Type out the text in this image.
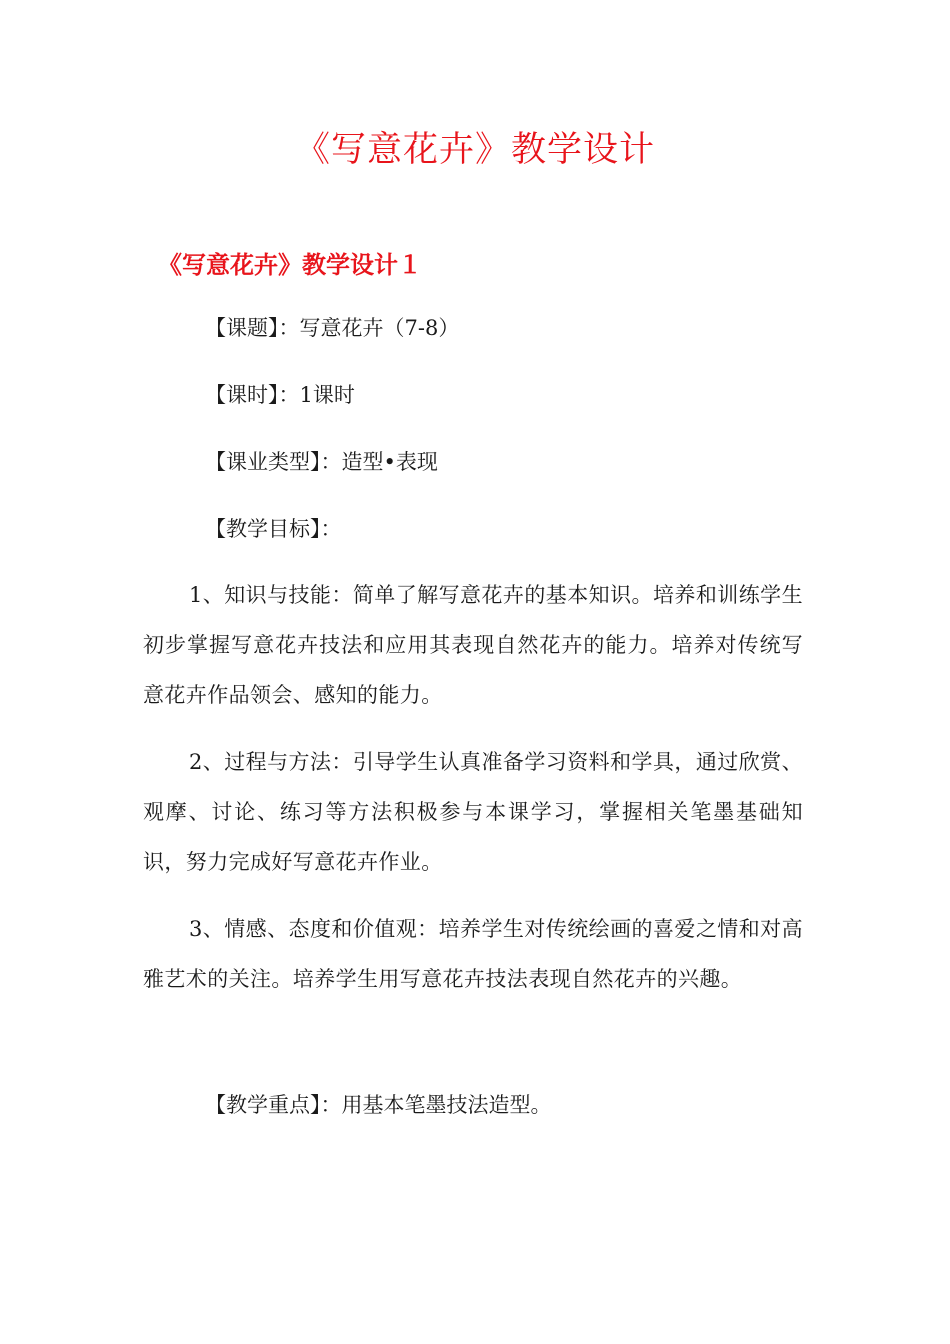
《写意花卉》教学设计
《写意花卉》教学设计１
【课题】：写意花卉（7-8）
【课时】：1课时
【课业类型】：造型•表现
【教学目标】：

1、知识与技能：简单了解写意花卉的基本知识。培养和训练学生初步掌握写意花卉技法和应用其表现自然花卉的能力。培养对传统写意花卉作品领会、感知的能力。

2、过程与方法：引导学生认真准备学习资料和学具，通过欣赏、观摩、讨论、练习等方法积极参与本课学习，掌握相关笔墨基础知识，努力完成好写意花卉作业。

3、情感、态度和价值观：培养学生对传统绘画的喜爱之情和对高雅艺术的关注。培养学生用写意花卉技法表现自然花卉的兴趣。

【教学重点】：用基本笔墨技法造型。
